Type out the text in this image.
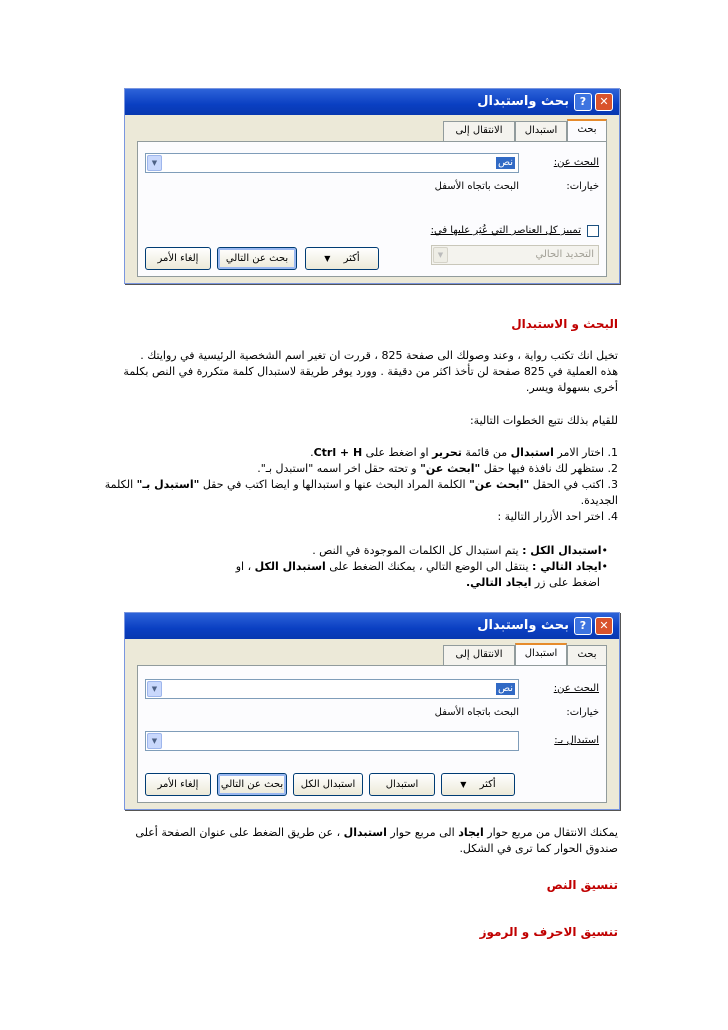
بحث واستبدال ?	✕
بحث
استبدال
الانتقال إلى
البحث عن:
نص
▼
خيارات:
البحث باتجاه الأسفل
تمييز كل العناصر التي عُثِر عليها في:
التحديد الحالي
▼
أكثر ▼
بحث عن التالي
إلغاء الأمر
البحث و الاستبدال
تخيل انك تكتب رواية ، وعند وصولك الى صفحة 825 ، قررت ان تغير اسم الشخصية الرئيسية في روايتك .
هذه العملية في 825 صفحة لن تأخذ اكثر من دقيقة . وورد يوفر طريقة لاستبدال كلمة متكررة في النص بكلمة
أخرى بسهولة ويسر.
للقيام بذلك نتبع الخطوات التالية:
1. اختار الامر استبدال من قائمة تحرير او اضغط على Ctrl + H.
2. ستظهر لك نافذة فيها حقل "ابحث عن" و تحته حقل اخر اسمه "استبدل بـ".
3. اكتب في الحقل "ابحث عن" الكلمة المراد البحث عنها و استبدالها و ايضا اكتب في حقل "استبدل بـ" الكلمة
الجديدة.
4. اختر احد الأزرار التالية :
•استبدال الكل : يتم استبدال كل الكلمات الموجودة في النص .
•ايجاد التالي : ينتقل الى الوضع التالي ، يمكنك الضغط على استبدال الكل ، او
اضغط على زر ايجاد التالي.
بحث واستبدال ?	✕
بحث
استبدال
الانتقال إلى
البحث عن:
نص
▼
خيارات:
البحث باتجاه الأسفل
استبدال بـ:
▼
أكثر ▼
استبدال
استبدال الكل
بحث عن التالي
إلغاء الأمر
يمكنك الانتقال من مربع حوار ايجاد الى مربع حوار استبدال ، عن طريق الضغط على عنوان الصفحة أعلى
صندوق الحوار كما ترى في الشكل.
تنسيق النص
تنسيق الاحرف و الرموز
